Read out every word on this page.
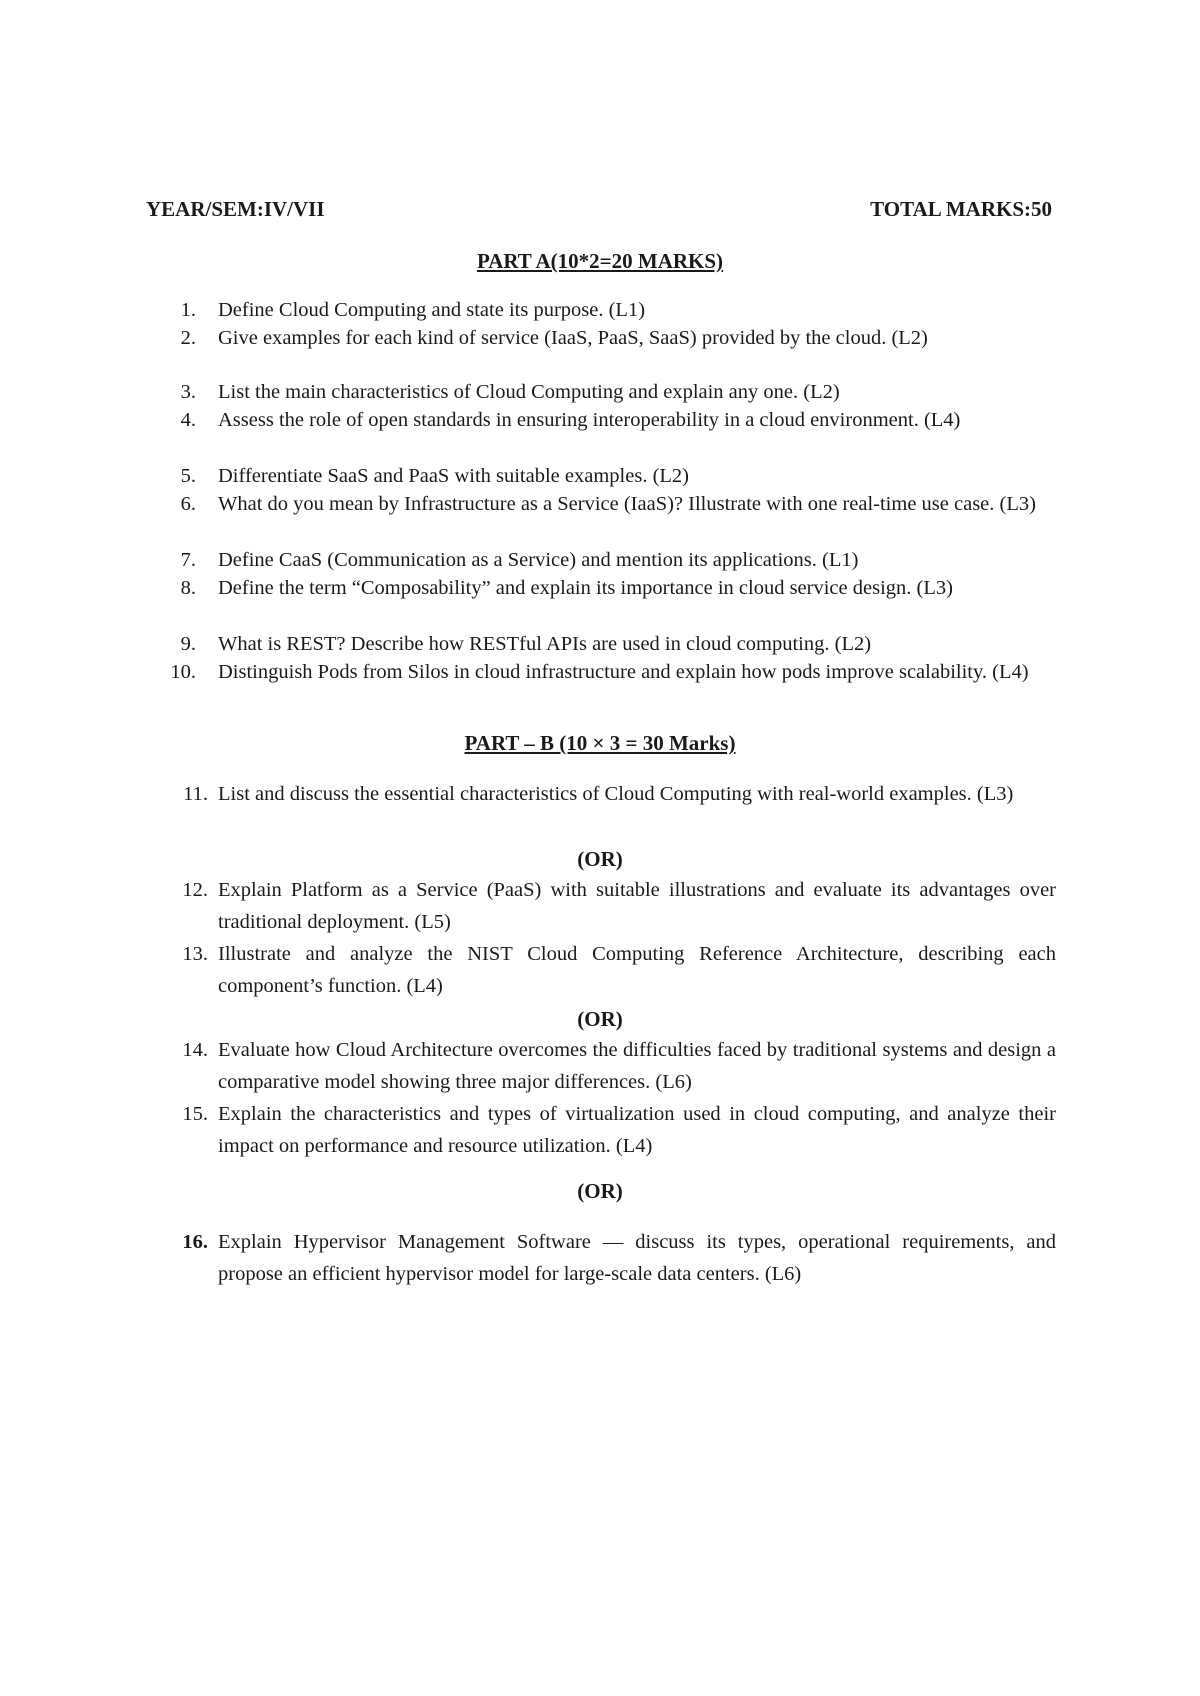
YEAR/SEM:IV/VII	TOTAL MARKS:50
PART A(10*2=20 MARKS)
1. Define Cloud Computing and state its purpose. (L1)
2. Give examples for each kind of service (IaaS, PaaS, SaaS) provided by the cloud. (L2)
3. List the main characteristics of Cloud Computing and explain any one. (L2)
4. Assess the role of open standards in ensuring interoperability in a cloud environment. (L4)
5. Differentiate SaaS and PaaS with suitable examples. (L2)
6. What do you mean by Infrastructure as a Service (IaaS)? Illustrate with one real-time use case. (L3)
7. Define CaaS (Communication as a Service) and mention its applications. (L1)
8. Define the term “Composability” and explain its importance in cloud service design. (L3)
9. What is REST? Describe how RESTful APIs are used in cloud computing. (L2)
10. Distinguish Pods from Silos in cloud infrastructure and explain how pods improve scalability. (L4)
PART – B (10 × 3 = 30 Marks)
11. List and discuss the essential characteristics of Cloud Computing with real-world examples. (L3)
(OR)
12. Explain Platform as a Service (PaaS) with suitable illustrations and evaluate its advantages over traditional deployment. (L5)
13. Illustrate and analyze the NIST Cloud Computing Reference Architecture, describing each component’s function. (L4)
(OR)
14. Evaluate how Cloud Architecture overcomes the difficulties faced by traditional systems and design a comparative model showing three major differences. (L6)
15. Explain the characteristics and types of virtualization used in cloud computing, and analyze their impact on performance and resource utilization. (L4)
(OR)
16. Explain Hypervisor Management Software — discuss its types, operational requirements, and propose an efficient hypervisor model for large-scale data centers. (L6)
